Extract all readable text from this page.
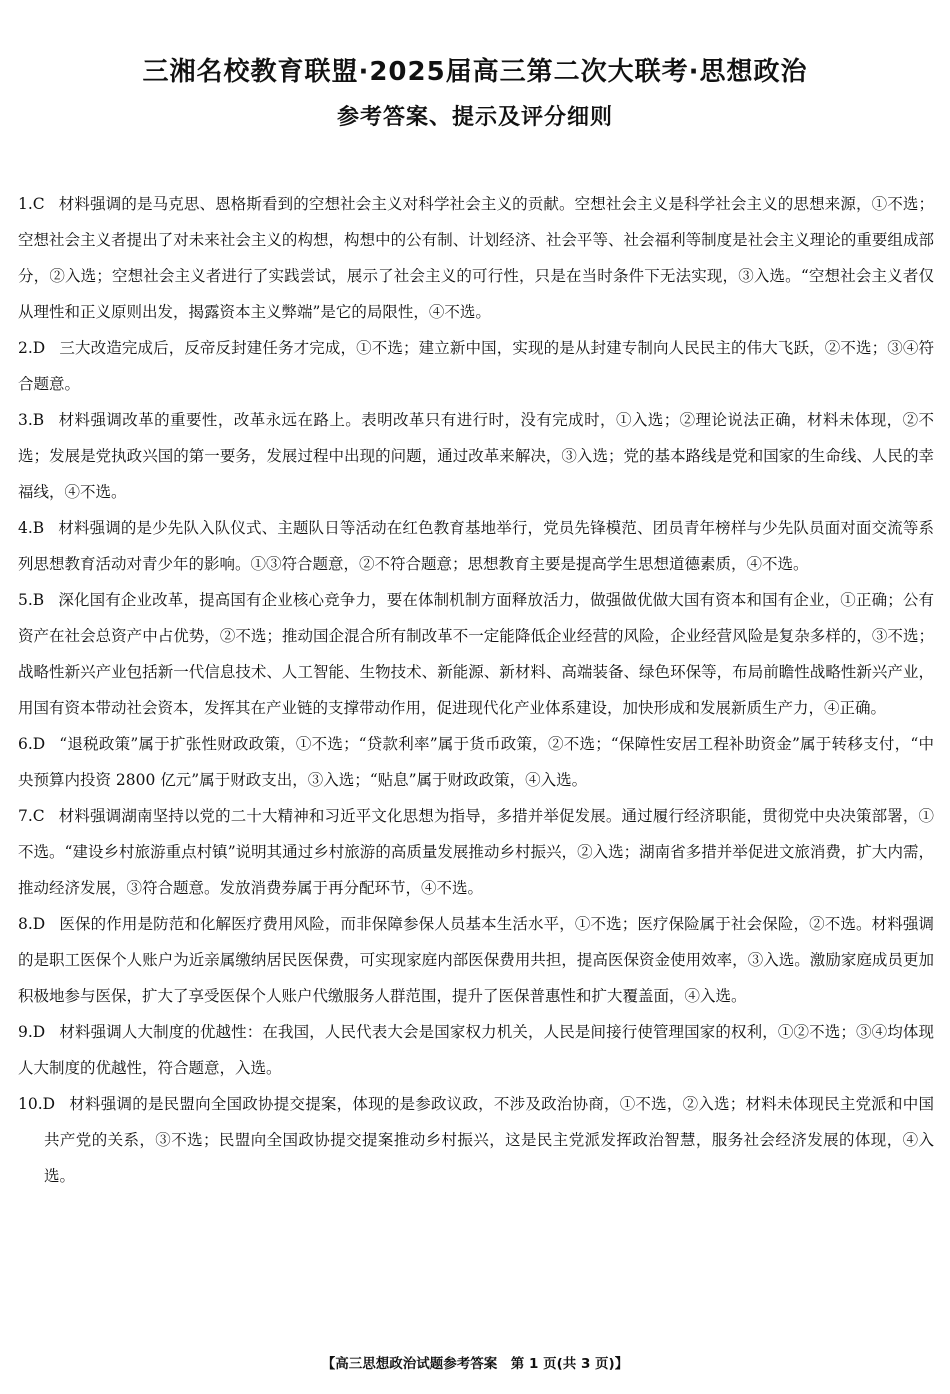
三湘名校教育联盟·2025届高三第二次大联考·思想政治
参考答案、提示及评分细则
1.C 材料强调的是马克思、恩格斯看到的空想社会主义对科学社会主义的贡献。空想社会主义是科学社会主义的思想来源，①不选；空想社会主义者提出了对未来社会主义的构想，构想中的公有制、计划经济、社会平等、社会福利等制度是社会主义理论的重要组成部分，②入选；空想社会主义者进行了实践尝试，展示了社会主义的可行性，只是在当时条件下无法实现，③入选。“空想社会主义者仅从理性和正义原则出发，揭露资本主义弊端”是它的局限性，④不选。
2.D 三大改造完成后，反帝反封建任务才完成，①不选；建立新中国，实现的是从封建专制向人民民主的伟大飞跃，②不选；③④符合题意。
3.B 材料强调改革的重要性，改革永远在路上。表明改革只有进行时，没有完成时，①入选；②理论说法正确，材料未体现，②不选；发展是党执政兴国的第一要务，发展过程中出现的问题，通过改革来解决，③入选；党的基本路线是党和国家的生命线、人民的幸福线，④不选。
4.B 材料强调的是少先队入队仪式、主题队日等活动在红色教育基地举行，党员先锋模范、团员青年榜样与少先队员面对面交流等系列思想教育活动对青少年的影响。①③符合题意，②不符合题意；思想教育主要是提高学生思想道德素质，④不选。
5.B 深化国有企业改革，提高国有企业核心竞争力，要在体制机制方面释放活力，做强做优做大国有资本和国有企业，①正确；公有资产在社会总资产中占优势，②不选；推动国企混合所有制改革不一定能降低企业经营的风险，企业经营风险是复杂多样的，③不选；战略性新兴产业包括新一代信息技术、人工智能、生物技术、新能源、新材料、高端装备、绿色环保等，布局前瞻性战略性新兴产业，用国有资本带动社会资本，发挥其在产业链的支撑带动作用，促进现代化产业体系建设，加快形成和发展新质生产力，④正确。
6.D “退税政策”属于扩张性财政政策，①不选；“贷款利率”属于货币政策，②不选；“保障性安居工程补助资金”属于转移支付，“中央预算内投资 2800 亿元”属于财政支出，③入选；“贴息”属于财政政策，④入选。
7.C 材料强调湖南坚持以党的二十大精神和习近平文化思想为指导，多措并举促发展。通过履行经济职能，贯彻党中央决策部署，①不选。“建设乡村旅游重点村镇”说明其通过乡村旅游的高质量发展推动乡村振兴，②入选；湖南省多措并举促进文旅消费，扩大内需，推动经济发展，③符合题意。发放消费券属于再分配环节，④不选。
8.D 医保的作用是防范和化解医疗费用风险，而非保障参保人员基本生活水平，①不选；医疗保险属于社会保险，②不选。材料强调的是职工医保个人账户为近亲属缴纳居民医保费，可实现家庭内部医保费用共担，提高医保资金使用效率，③入选。激励家庭成员更加积极地参与医保，扩大了享受医保个人账户代缴服务人群范围，提升了医保普惠性和扩大覆盖面，④入选。
9.D 材料强调人大制度的优越性：在我国，人民代表大会是国家权力机关，人民是间接行使管理国家的权利，①②不选；③④均体现人大制度的优越性，符合题意，入选。
10.D 材料强调的是民盟向全国政协提交提案，体现的是参政议政，不涉及政治协商，①不选，②入选；材料未体现民主党派和中国共产党的关系，③不选；民盟向全国政协提交提案推动乡村振兴，这是民主党派发挥政治智慧，服务社会经济发展的体现，④入选。
【高三思想政治试题参考答案　第 1 页(共 3 页)】
